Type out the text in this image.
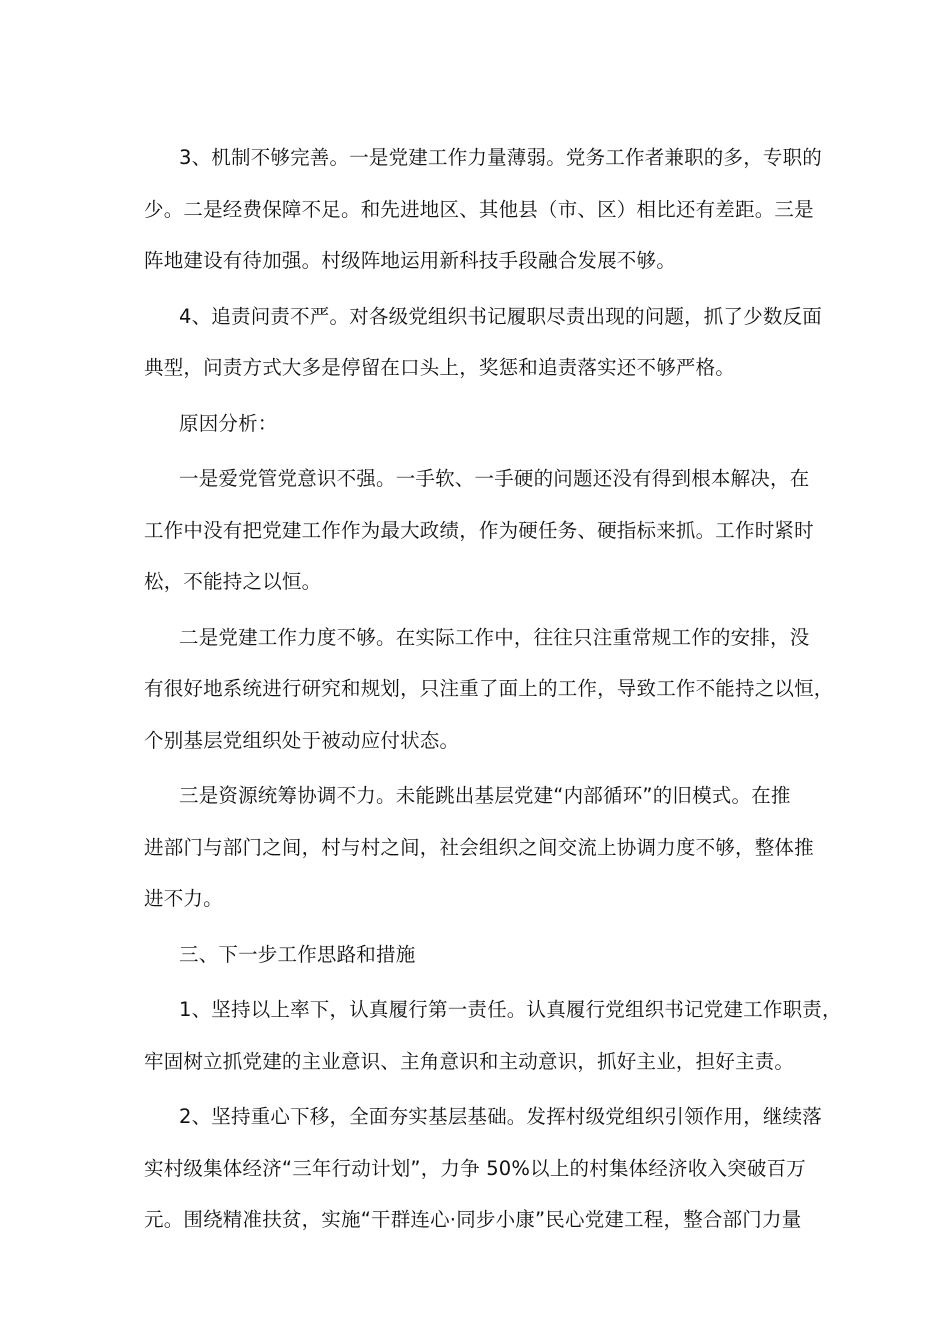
3、机制不够完善。一是党建工作力量薄弱。党务工作者兼职的多，专职的
少。二是经费保障不足。和先进地区、其他县（市、区）相比还有差距。三是
阵地建设有待加强。村级阵地运用新科技手段融合发展不够。

4、追责问责不严。对各级党组织书记履职尽责出现的问题，抓了少数反面
典型，问责方式大多是停留在口头上，奖惩和追责落实还不够严格。

原因分析：

一是爱党管党意识不强。一手软、一手硬的问题还没有得到根本解决，在
工作中没有把党建工作作为最大政绩，作为硬任务、硬指标来抓。工作时紧时
松，不能持之以恒。

二是党建工作力度不够。在实际工作中，往往只注重常规工作的安排，没
有很好地系统进行研究和规划，只注重了面上的工作，导致工作不能持之以恒，
个别基层党组织处于被动应付状态。

三是资源统筹协调不力。未能跳出基层党建“内部循环”的旧模式。在推
进部门与部门之间，村与村之间，社会组织之间交流上协调力度不够，整体推
进不力。

三、下一步工作思路和措施

1、坚持以上率下，认真履行第一责任。认真履行党组织书记党建工作职责，
牢固树立抓党建的主业意识、主角意识和主动意识，抓好主业，担好主责。

2、坚持重心下移，全面夯实基层基础。发挥村级党组织引领作用，继续落
实村级集体经济“三年行动计划”，力争 50%以上的村集体经济收入突破百万
元。围绕精准扶贫，实施“干群连心·同步小康”民心党建工程，整合部门力量
